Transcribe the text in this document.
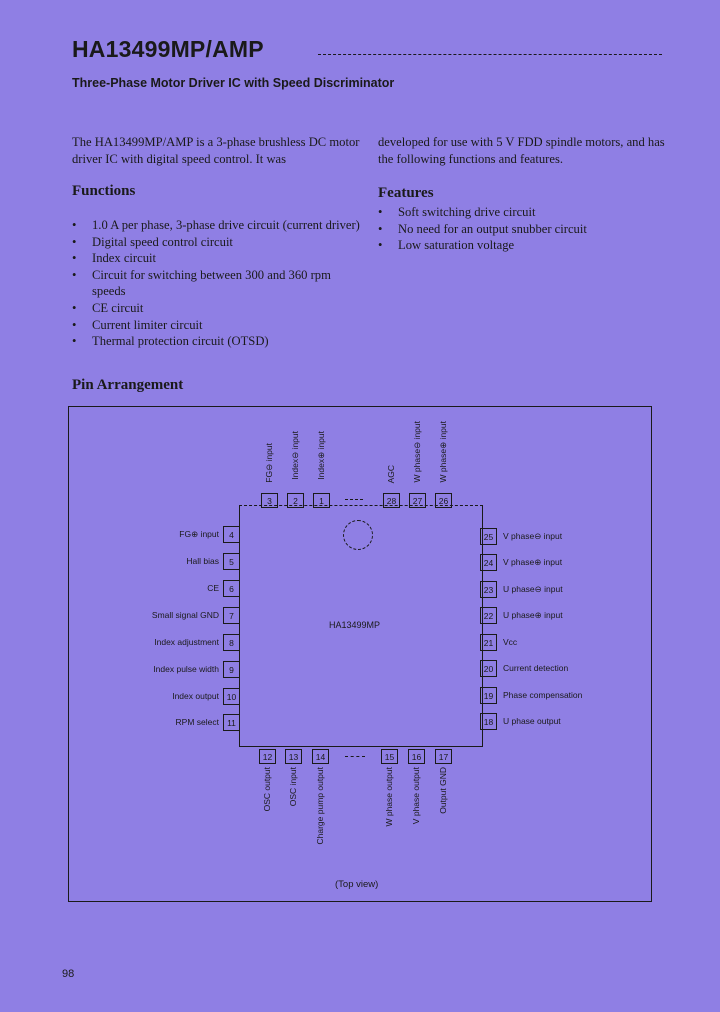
HA13499MP/AMP
Three-Phase Motor Driver IC with Speed Discriminator
The HA13499MP/AMP is a 3-phase brushless DC motor driver IC with digital speed control. It was
developed for use with 5 V FDD spindle motors, and has the following functions and features.
Functions
• 1.0 A per phase, 3-phase drive circuit (current driver)
• Digital speed control circuit
• Index circuit
• Circuit for switching between 300 and 360 rpm speeds
• CE circuit
• Current limiter circuit
• Thermal protection circuit (OTSD)
Features
• Soft switching drive circuit
• No need for an output snubber circuit
• Low saturation voltage
Pin Arrangement
HA13499MP
3
FG⊖ input
2
Index⊖ input
1
Index⊕ input
28
AGC
27
W phase⊖ input
26
W phase⊕ input
4
FG⊕ input
5
Hall bias
6
CE
7
Small signal GND
8
Index adjustment
9
Index pulse width
10
Index output
11
RPM select
25	V phase⊖ input
24	V phase⊕ input
23	U phase⊖ input
22	U phase⊕ input
21	Vcc
20	Current detection
19	Phase compensation
18	U phase output
12
OSC output
13
OSC input
14
Charge pump output
15
W phase output
16
V phase output
17
Output GND
(Top view)
98
